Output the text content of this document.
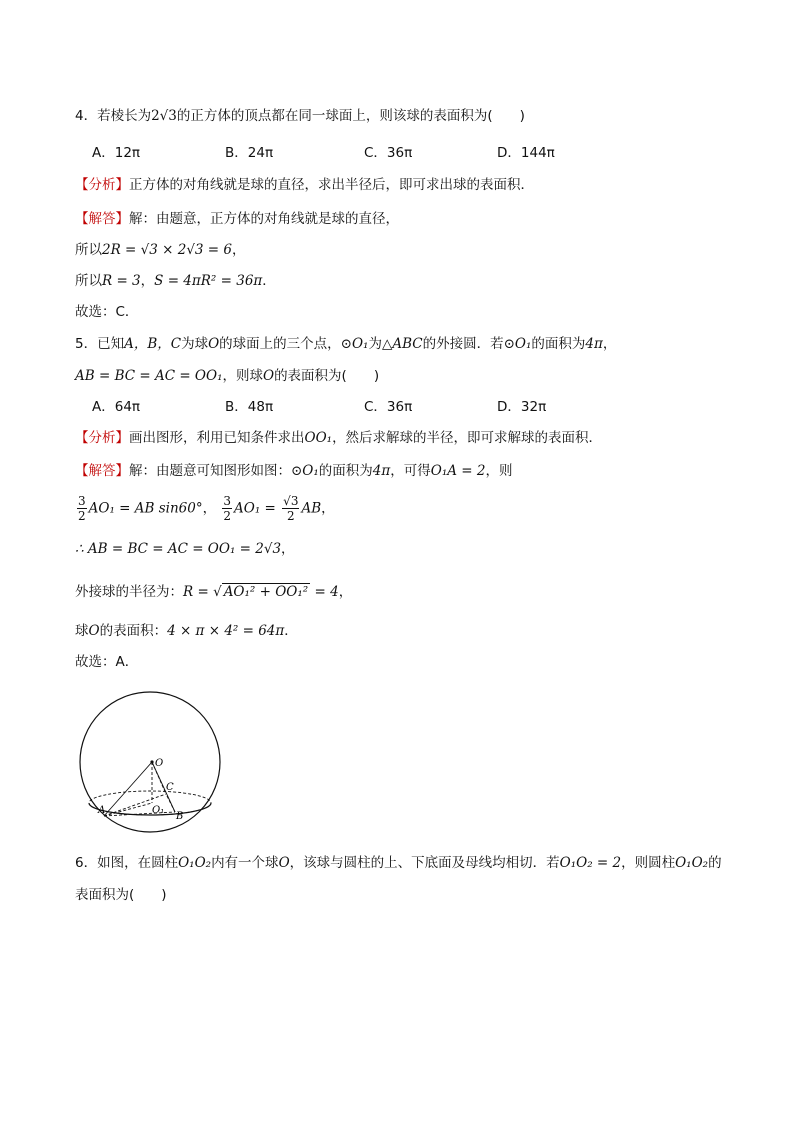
4．若棱长为2√3的正方体的顶点都在同一球面上，则该球的表面积为(　　)
A．12π	B．24π	C．36π	D．144π
【分析】正方体的对角线就是球的直径，求出半径后，即可求出球的表面积．
【解答】解：由题意，正方体的对角线就是球的直径，
所以2R = √3 × 2√3 = 6，
所以R = 3，S = 4πR² = 36π．
故选：C．
5．已知A，B，C为球O的球面上的三个点，⊙O₁为△ABC的外接圆．若⊙O₁的面积为4π，
AB = BC = AC = OO₁，则球O的表面积为(　　)
A．64π	B．48π	C．36π	D．32π
【分析】画出图形，利用已知条件求出OO₁，然后求解球的半径，即可求解球的表面积．
【解答】解：由题意可知图形如图：⊙O₁的面积为4π，可得O₁A = 2，则
$\frac{3}{2} AO_1$ = AB sin60°， $\frac{3}{2} AO_1 = \frac{√3}{2}$ AB，
∴ AB = BC = AC = OO₁ = 2√3，
外接球的半径为：R = √ AO₁² + OO₁² = 4，
球O的表面积：4 × π × 4² = 64π．
故选：A．
O
C
A	O₁
B
6．如图，在圆柱O₁O₂内有一个球O，该球与圆柱的上、下底面及母线均相切．若O₁O₂ = 2，则圆柱O₁O₂的
表面积为(　　)
